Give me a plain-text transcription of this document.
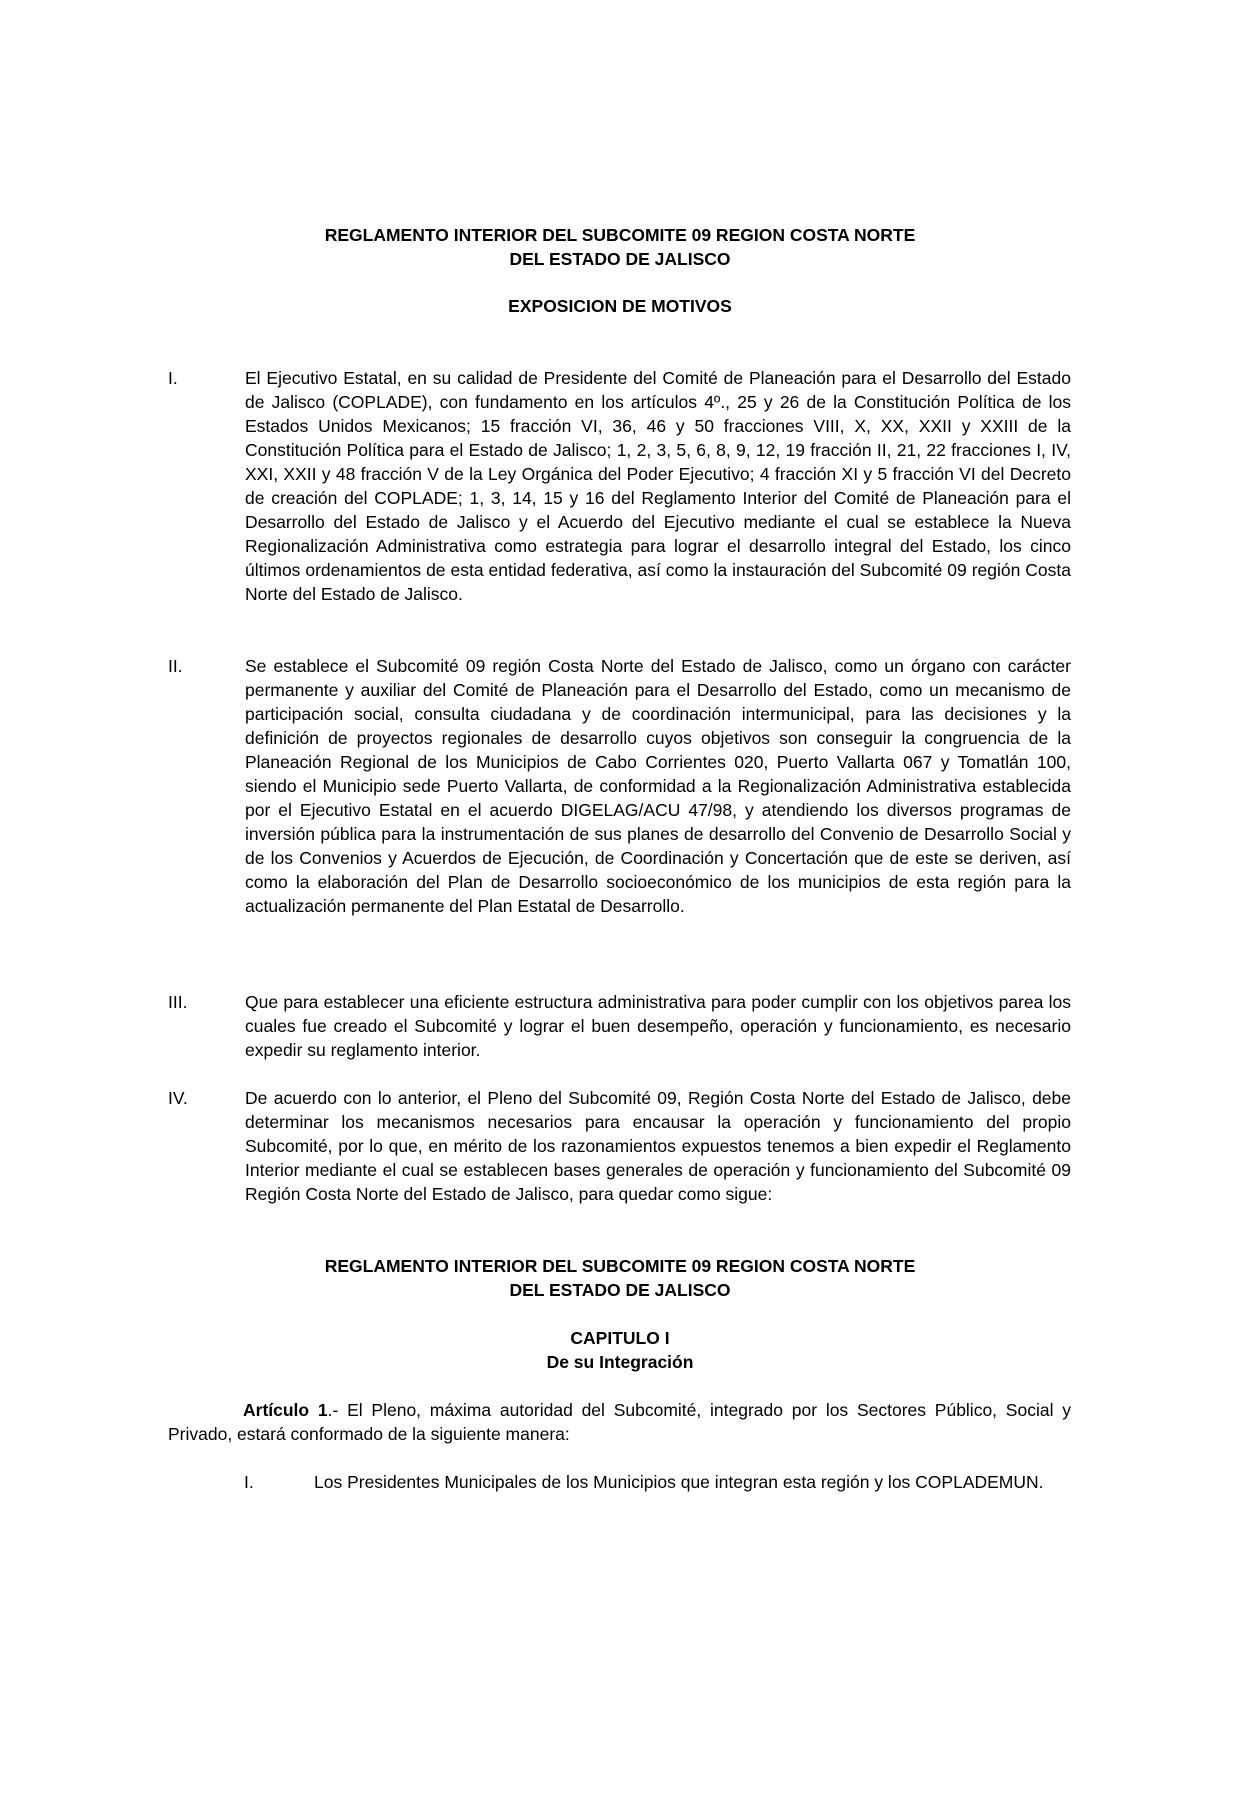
REGLAMENTO INTERIOR DEL SUBCOMITE 09 REGION COSTA NORTE
DEL ESTADO DE JALISCO
EXPOSICION DE MOTIVOS
I.	El Ejecutivo Estatal, en su calidad de Presidente del Comité de Planeación para el Desarrollo del Estado de Jalisco (COPLADE), con fundamento en los artículos 4º., 25 y 26 de la Constitución Política de los Estados Unidos Mexicanos; 15 fracción VI, 36, 46 y 50 fracciones VIII, X, XX, XXII y XXIII de la Constitución Política para el Estado de Jalisco; 1, 2, 3, 5, 6, 8, 9, 12, 19 fracción II, 21, 22 fracciones I, IV, XXI, XXII y 48 fracción V de la Ley Orgánica del Poder Ejecutivo; 4 fracción XI y 5 fracción VI del Decreto de creación del COPLADE; 1, 3, 14, 15 y 16 del Reglamento Interior del Comité de Planeación para el Desarrollo del Estado de Jalisco y el Acuerdo del Ejecutivo mediante el cual se establece la Nueva Regionalización Administrativa como estrategia para lograr el desarrollo integral del Estado, los cinco últimos ordenamientos de esta entidad federativa, así como la instauración del Subcomité 09 región Costa Norte del Estado de Jalisco.
II.	Se establece el Subcomité 09 región Costa Norte del Estado de Jalisco, como un órgano con carácter permanente y auxiliar del Comité de Planeación para el Desarrollo del Estado, como un mecanismo de participación social, consulta ciudadana y de coordinación intermunicipal, para las decisiones y la definición de proyectos regionales de desarrollo cuyos objetivos son conseguir la congruencia de la Planeación Regional de los Municipios de Cabo Corrientes 020, Puerto Vallarta 067 y Tomatlán 100, siendo el Municipio sede Puerto Vallarta, de conformidad a la Regionalización Administrativa establecida por el Ejecutivo Estatal en el acuerdo DIGELAG/ACU 47/98, y atendiendo los diversos programas de inversión pública para la instrumentación de sus planes de desarrollo del Convenio de Desarrollo Social y de los Convenios y Acuerdos de Ejecución, de Coordinación y Concertación que de este se deriven, así como la elaboración del Plan de Desarrollo socioeconómico de los municipios de esta región para la actualización permanente del Plan Estatal de Desarrollo.
III.	Que para establecer una eficiente estructura administrativa para poder cumplir con los objetivos parea los cuales fue creado el Subcomité y lograr el buen desempeño, operación y funcionamiento, es necesario expedir su reglamento interior.
IV.	De acuerdo con lo anterior, el Pleno del Subcomité 09, Región Costa Norte del Estado de Jalisco, debe determinar los mecanismos necesarios para encausar la operación y funcionamiento del propio Subcomité, por lo que, en mérito de los razonamientos expuestos tenemos a bien expedir el Reglamento Interior mediante el cual se establecen bases generales de operación y funcionamiento del Subcomité 09 Región Costa Norte del Estado de Jalisco, para quedar como sigue:
REGLAMENTO INTERIOR DEL SUBCOMITE 09 REGION COSTA NORTE
DEL ESTADO DE JALISCO
CAPITULO I
De su Integración
Artículo 1.- El Pleno, máxima autoridad del Subcomité, integrado por los Sectores Público, Social y Privado, estará conformado de la siguiente manera:
I.	Los Presidentes Municipales de los Municipios que integran esta región y los COPLADEMUN.
